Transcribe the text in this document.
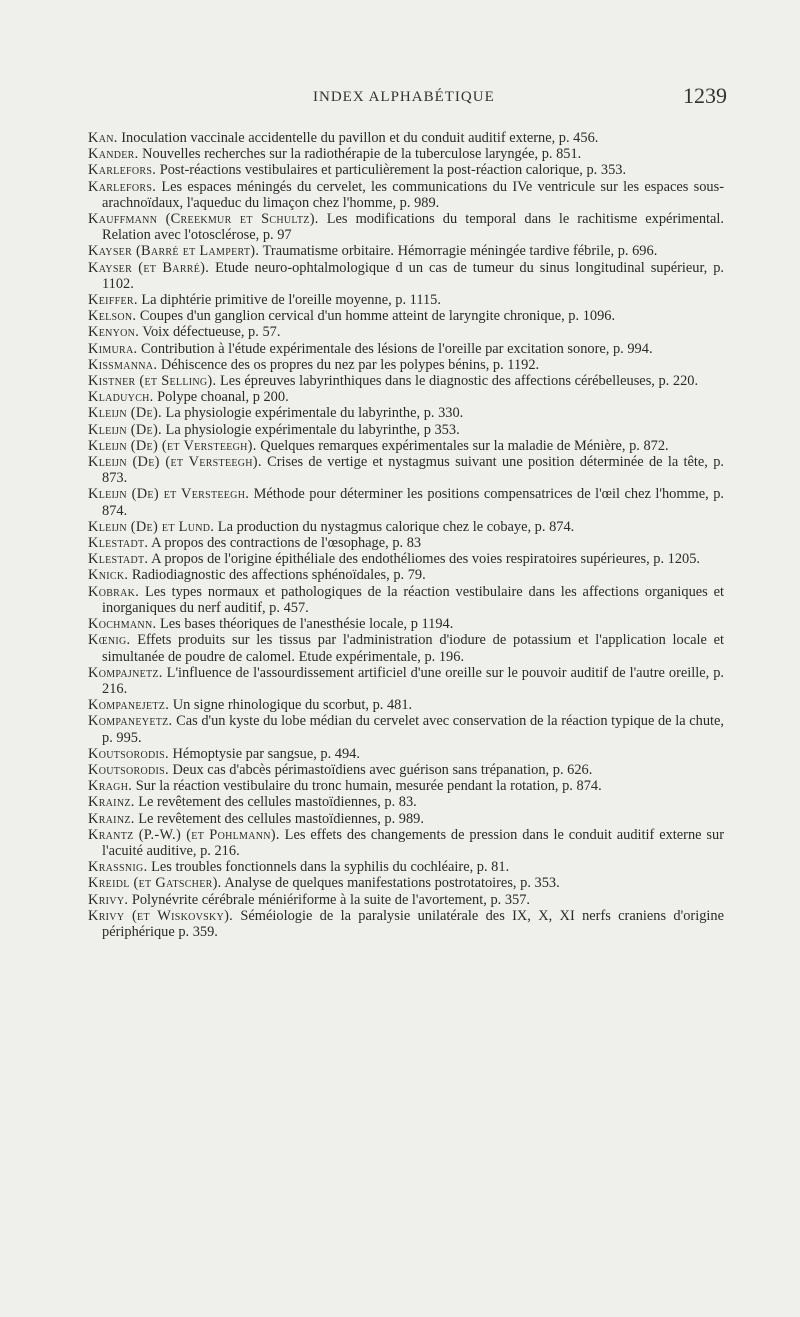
INDEX ALPHABÉTIQUE	1239

Kan. Inoculation vaccinale accidentelle du pavillon et du conduit auditif externe, p. 456.

Kander. Nouvelles recherches sur la radiothérapie de la tuberculose laryngée, p. 851.

Karlefors. Post-réactions vestibulaires et particulièrement la post-réaction calorique, p. 353.

Karlefors. Les espaces méningés du cervelet, les communications du IVe ventricule sur les espaces sous-arachnoïdaux, l'aqueduc du limaçon chez l'homme, p. 989.

Kauffmann (Creekmur et Schultz). Les modifications du temporal dans le rachitisme expérimental. Relation avec l'otosclérose, p. 97

Kayser (Barré et Lampert). Traumatisme orbitaire. Hémorragie méningée tardive fébrile, p. 696.

Kayser (et Barré). Etude neuro-ophtalmologique d un cas de tumeur du sinus longitudinal supérieur, p. 1102.

Keiffer. La diphtérie primitive de l'oreille moyenne, p. 1115.

Kelson. Coupes d'un ganglion cervical d'un homme atteint de laryngite chronique, p. 1096.

Kenyon. Voix défectueuse, p. 57.

Kimura. Contribution à l'étude expérimentale des lésions de l'oreille par excitation sonore, p. 994.

Kissmanna. Déhiscence des os propres du nez par les polypes bénins, p. 1192.

Kistner (et Selling). Les épreuves labyrinthiques dans le diagnostic des affections cérébelleuses, p. 220.

Kladuych. Polype choanal, p 200.

Kleijn (De). La physiologie expérimentale du labyrinthe, p. 330.

Kleijn (De). La physiologie expérimentale du labyrinthe, p 353.

Kleijn (De) (et Versteegh). Quelques remarques expérimentales sur la maladie de Ménière, p. 872.

Kleijn (De) (et Versteegh). Crises de vertige et nystagmus suivant une position déterminée de la tête, p. 873.

Kleijn (De) et Versteegh. Méthode pour déterminer les positions compensatrices de l'œil chez l'homme, p. 874.

Kleijn (De) et Lund. La production du nystagmus calorique chez le cobaye, p. 874.

Klestadt. A propos des contractions de l'œsophage, p. 83

Klestadt. A propos de l'origine épithéliale des endothéliomes des voies respiratoires supérieures, p. 1205.

Knick. Radiodiagnostic des affections sphénoïdales, p. 79.

Kobrak. Les types normaux et pathologiques de la réaction vestibulaire dans les affections organiques et inorganiques du nerf auditif, p. 457.

Kochmann. Les bases théoriques de l'anesthésie locale, p 1194.

Kœnig. Effets produits sur les tissus par l'administration d'iodure de potassium et l'application locale et simultanée de poudre de calomel. Etude expérimentale, p. 196.

Kompajnetz. L'influence de l'assourdissement artificiel d'une oreille sur le pouvoir auditif de l'autre oreille, p. 216.

Kompanejetz. Un signe rhinologique du scorbut, p. 481.

Kompaneyetz. Cas d'un kyste du lobe médian du cervelet avec conservation de la réaction typique de la chute, p. 995.

Koutsorodis. Hémoptysie par sangsue, p. 494.

Koutsorodis. Deux cas d'abcès périmastoïdiens avec guérison sans trépanation, p. 626.

Kragh. Sur la réaction vestibulaire du tronc humain, mesurée pendant la rotation, p. 874.

Krainz. Le revêtement des cellules mastoïdiennes, p. 83.

Krainz. Le revêtement des cellules mastoïdiennes, p. 989.

Krantz (P.-W.) (et Pohlmann). Les effets des changements de pression dans le conduit auditif externe sur l'acuité auditive, p. 216.

Krassnig. Les troubles fonctionnels dans la syphilis du cochléaire, p. 81.

Kreidl (et Gatscher). Analyse de quelques manifestations postrotatoires, p. 353.

Krivy. Polynévrite cérébrale méniériforme à la suite de l'avortement, p. 357.

Krivy (et Wiskovsky). Séméiologie de la paralysie unilatérale des IX, X, XI nerfs craniens d'origine périphérique p. 359.
